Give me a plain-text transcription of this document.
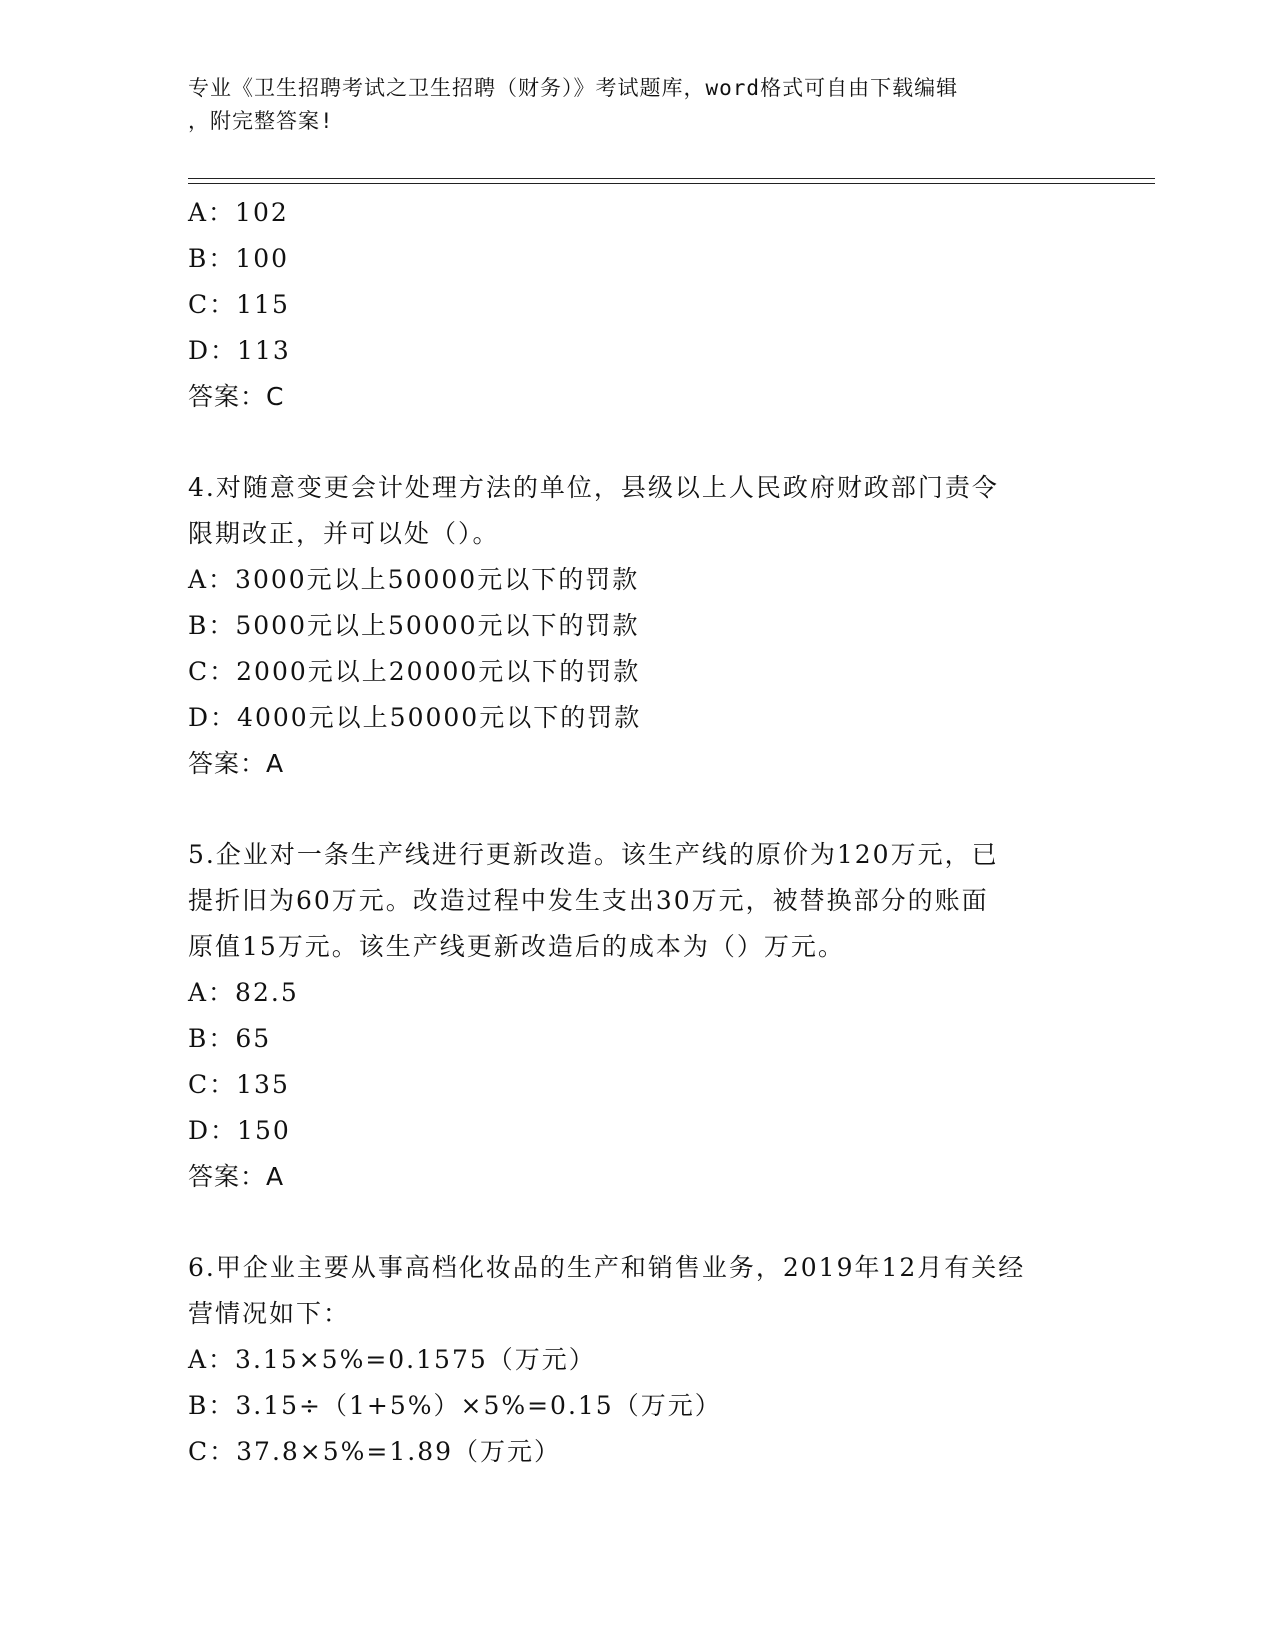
专业《卫生招聘考试之卫生招聘（财务）》考试题库，word格式可自由下载编辑
，附完整答案!
A：102
B：100
C：115
D：113
答案：C
4.对随意变更会计处理方法的单位，县级以上人民政府财政部门责令
限期改正，并可以处（）。
A：3000元以上50000元以下的罚款
B：5000元以上50000元以下的罚款
C：2000元以上20000元以下的罚款
D：4000元以上50000元以下的罚款
答案：A
5.企业对一条生产线进行更新改造。该生产线的原价为120万元，已
提折旧为60万元。改造过程中发生支出30万元，被替换部分的账面
原值15万元。该生产线更新改造后的成本为（）万元。
A：82.5
B：65
C：135
D：150
答案：A
6.甲企业主要从事高档化妆品的生产和销售业务，2019年12月有关经
营情况如下：
A：3.15×5%=0.1575（万元）
B：3.15÷（1+5%）×5%=0.15（万元）
C：37.8×5%=1.89（万元）
